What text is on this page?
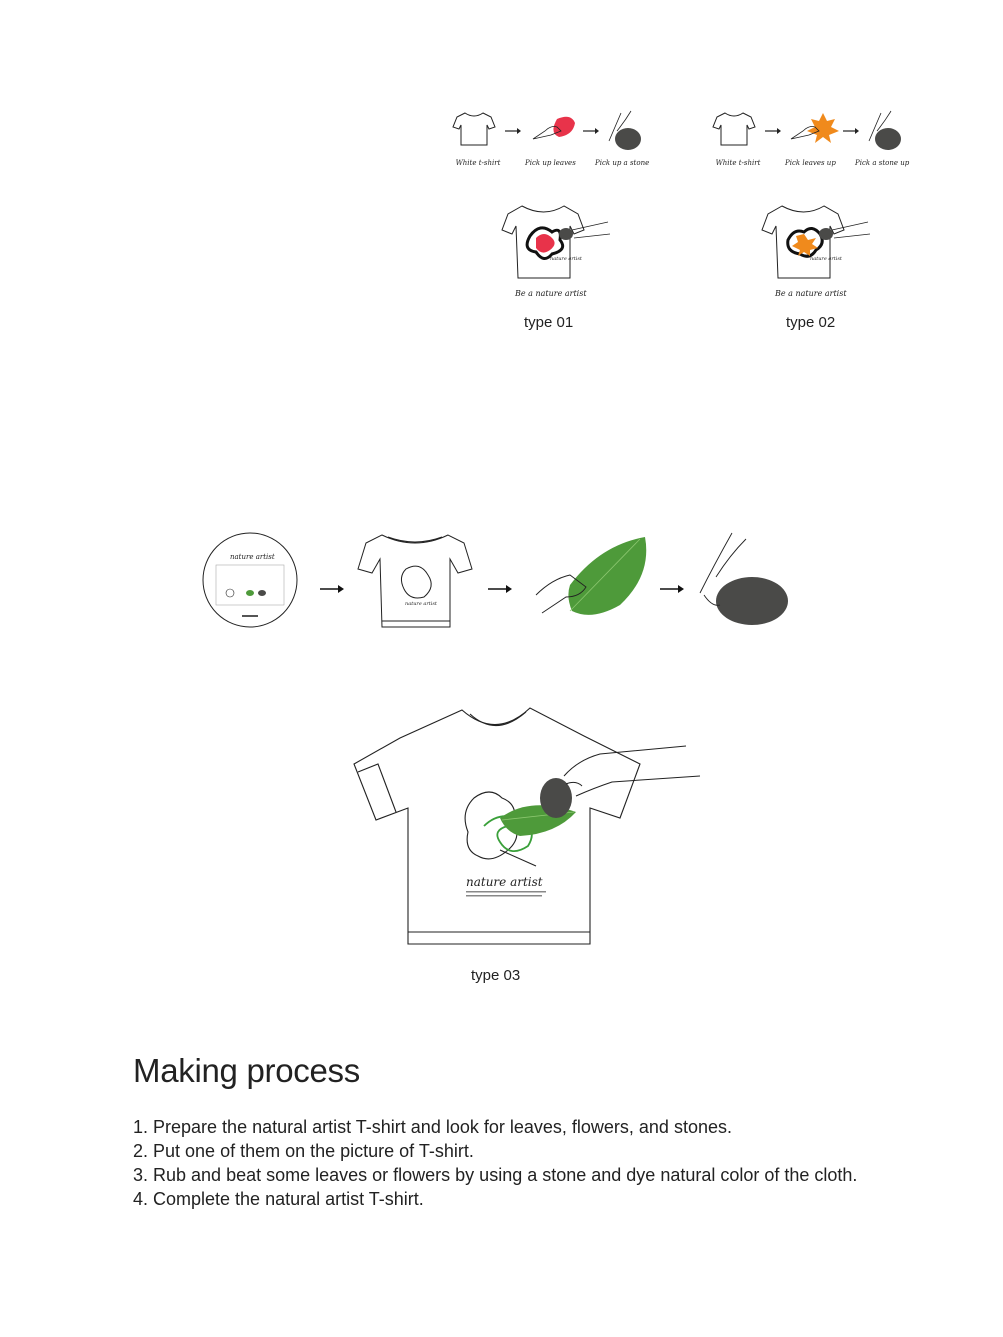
White t-shirt	Pick up leaves	Pick up a stone
nature artist
Be a nature artist
type 01
White t-shirt	Pick leaves up	Pick a stone up
nature artist
Be a nature artist
type 02
nature artist
nature artist
nature artist
type 03
Making process
1. Prepare the natural artist T-shirt and look for leaves, flowers, and stones.
2. Put one of them on the picture of T-shirt.
3. Rub and beat some leaves or flowers by using a stone and dye natural color of the cloth.
4. Complete the natural artist T-shirt.
